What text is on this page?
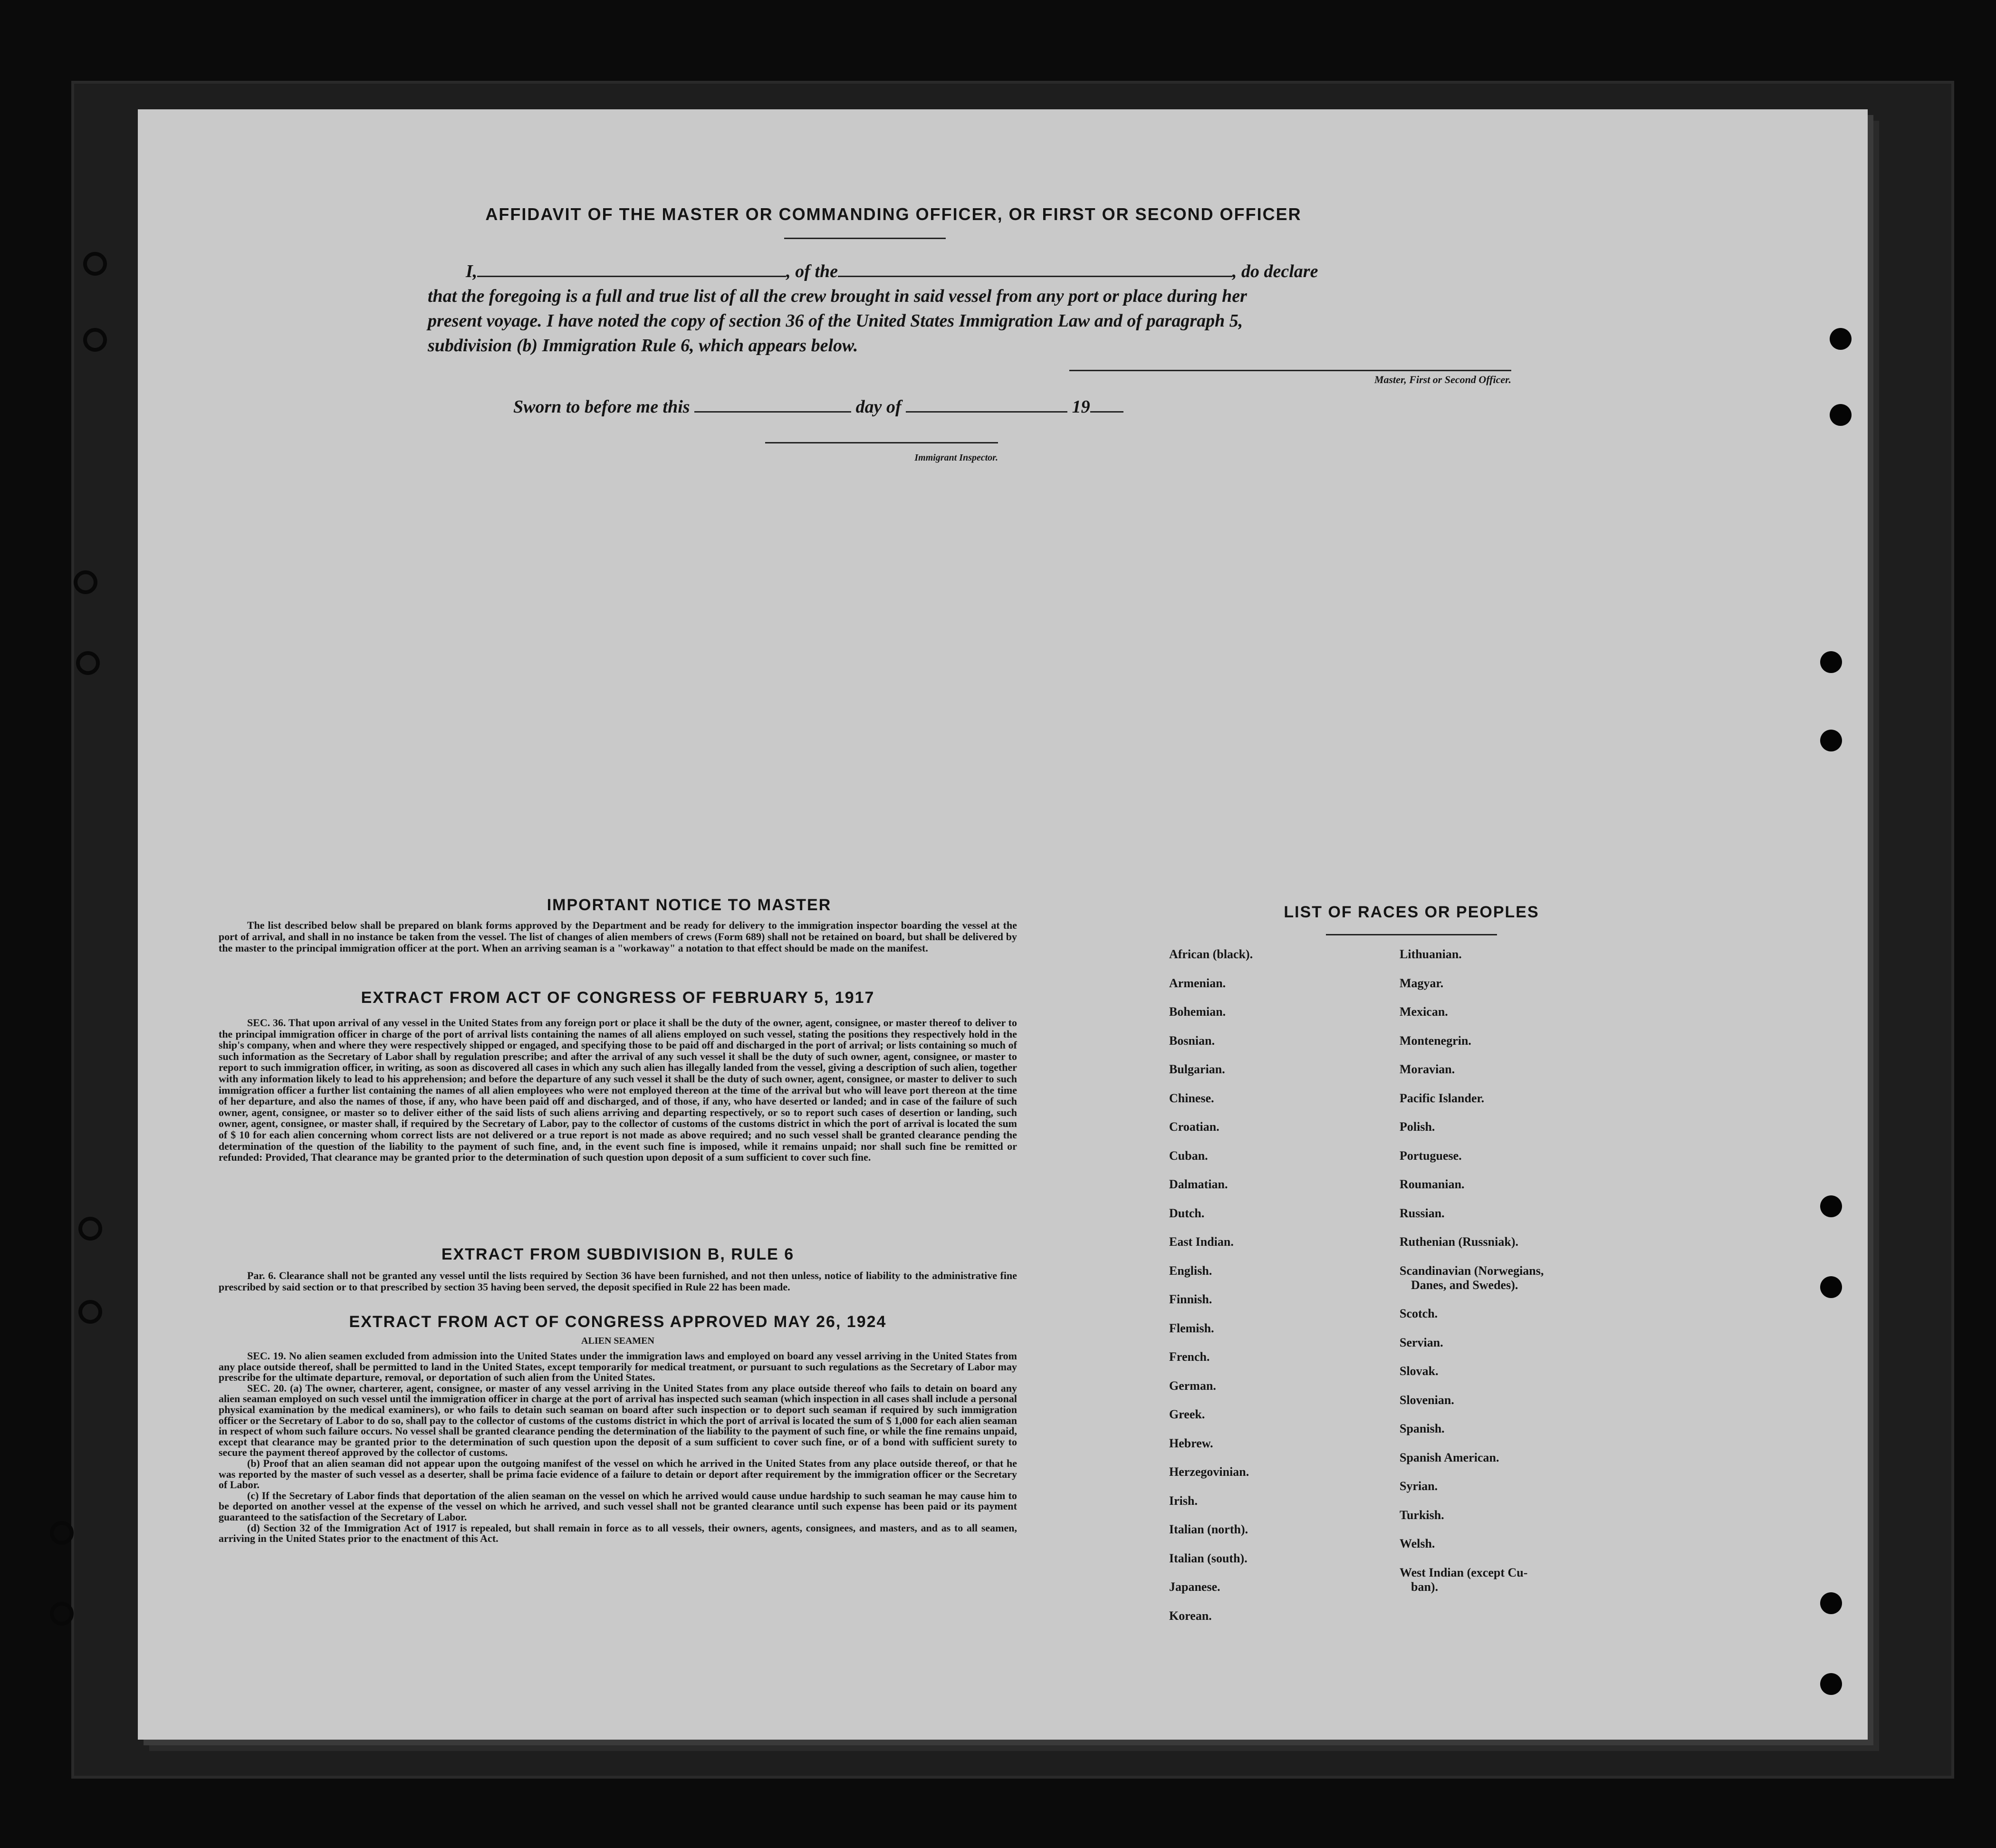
AFFIDAVIT OF THE MASTER OR COMMANDING OFFICER, OR FIRST OR SECOND OFFICER
I,	, of the	, do declare
that the foregoing is a full and true list of all the crew brought in said vessel from any port or place during her
present voyage. I have noted the copy of section 36 of the United States Immigration Law and of paragraph 5,
subdivision (b) Immigration Rule 6, which appears below.
Master, First or Second Officer.
Sworn to before me this	day of	19
Immigrant Inspector.
IMPORTANT NOTICE TO MASTER

The list described below shall be prepared on blank forms approved by the Department and be ready for delivery to the immigration inspector boarding the vessel at the port of arrival, and shall in no instance be taken from the vessel. The list of changes of alien members of crews (Form 689) shall not be retained on board, but shall be delivered by the master to the principal immigration officer at the port. When an arriving seaman is a "workaway" a notation to that effect should be made on the manifest.

EXTRACT FROM ACT OF CONGRESS OF FEBRUARY 5, 1917

SEC. 36. That upon arrival of any vessel in the United States from any foreign port or place it shall be the duty of the owner, agent, consignee, or master thereof to deliver to the principal immigration officer in charge of the port of arrival lists containing the names of all aliens employed on such vessel, stating the positions they respectively hold in the ship's company, when and where they were respectively shipped or engaged, and specifying those to be paid off and discharged in the port of arrival; or lists containing so much of such information as the Secretary of Labor shall by regulation prescribe; and after the arrival of any such vessel it shall be the duty of such owner, agent, consignee, or master to report to such immigration officer, in writing, as soon as discovered all cases in which any such alien has illegally landed from the vessel, giving a description of such alien, together with any information likely to lead to his apprehension; and before the departure of any such vessel it shall be the duty of such owner, agent, consignee, or master to deliver to such immigration officer a further list containing the names of all alien employees who were not employed thereon at the time of the arrival but who will leave port thereon at the time of her departure, and also the names of those, if any, who have been paid off and discharged, and of those, if any, who have deserted or landed; and in case of the failure of such owner, agent, consignee, or master so to deliver either of the said lists of such aliens arriving and departing respectively, or so to report such cases of desertion or landing, such owner, agent, consignee, or master shall, if required by the Secretary of Labor, pay to the collector of customs of the customs district in which the port of arrival is located the sum of $ 10 for each alien concerning whom correct lists are not delivered or a true report is not made as above required; and no such vessel shall be granted clearance pending the determination of the question of the liability to the payment of such fine, and, in the event such fine is imposed, while it remains unpaid; nor shall such fine be remitted or refunded: Provided, That clearance may be granted prior to the determination of such question upon deposit of a sum sufficient to cover such fine.

EXTRACT FROM SUBDIVISION B, RULE 6

Par. 6. Clearance shall not be granted any vessel until the lists required by Section 36 have been furnished, and not then unless, notice of liability to the administrative fine prescribed by said section or to that prescribed by section 35 having been served, the deposit specified in Rule 22 has been made.

EXTRACT FROM ACT OF CONGRESS APPROVED MAY 26, 1924
ALIEN SEAMEN

SEC. 19. No alien seamen excluded from admission into the United States under the immigration laws and employed on board any vessel arriving in the United States from any place outside thereof, shall be permitted to land in the United States, except temporarily for medical treatment, or pursuant to such regulations as the Secretary of Labor may prescribe for the ultimate departure, removal, or deportation of such alien from the United States.

SEC. 20. (a) The owner, charterer, agent, consignee, or master of any vessel arriving in the United States from any place outside thereof who fails to detain on board any alien seaman employed on such vessel until the immigration officer in charge at the port of arrival has inspected such seaman (which inspection in all cases shall include a personal physical examination by the medical examiners), or who fails to detain such seaman on board after such inspection or to deport such seaman if required by such immigration officer or the Secretary of Labor to do so, shall pay to the collector of customs of the customs district in which the port of arrival is located the sum of $ 1,000 for each alien seaman in respect of whom such failure occurs. No vessel shall be granted clearance pending the determination of the liability to the payment of such fine, or while the fine remains unpaid, except that clearance may be granted prior to the determination of such question upon the deposit of a sum sufficient to cover such fine, or of a bond with sufficient surety to secure the payment thereof approved by the collector of customs.

(b) Proof that an alien seaman did not appear upon the outgoing manifest of the vessel on which he arrived in the United States from any place outside thereof, or that he was reported by the master of such vessel as a deserter, shall be prima facie evidence of a failure to detain or deport after requirement by the immigration officer or the Secretary of Labor.

(c) If the Secretary of Labor finds that deportation of the alien seaman on the vessel on which he arrived would cause undue hardship to such seaman he may cause him to be deported on another vessel at the expense of the vessel on which he arrived, and such vessel shall not be granted clearance until such expense has been paid or its payment guaranteed to the satisfaction of the Secretary of Labor.

(d) Section 32 of the Immigration Act of 1917 is repealed, but shall remain in force as to all vessels, their owners, agents, consignees, and masters, and as to all seamen, arriving in the United States prior to the enactment of this Act.

LIST OF RACES OR PEOPLES
African (black).
Armenian.
Bohemian.
Bosnian.
Bulgarian.
Chinese.
Croatian.
Cuban.
Dalmatian.
Dutch.
East Indian.
English.
Finnish.
Flemish.
French.
German.
Greek.
Hebrew.
Herzegovinian.
Irish.
Italian (north).
Italian (south).
Japanese.
Korean.
Lithuanian.
Magyar.
Mexican.
Montenegrin.
Moravian.
Pacific Islander.
Polish.
Portuguese.
Roumanian.
Russian.
Ruthenian (Russniak).
Scandinavian (Norwegians,
Danes, and Swedes).
Scotch.
Servian.
Slovak.
Slovenian.
Spanish.
Spanish American.
Syrian.
Turkish.
Welsh.
West Indian (except Cu-
ban).
